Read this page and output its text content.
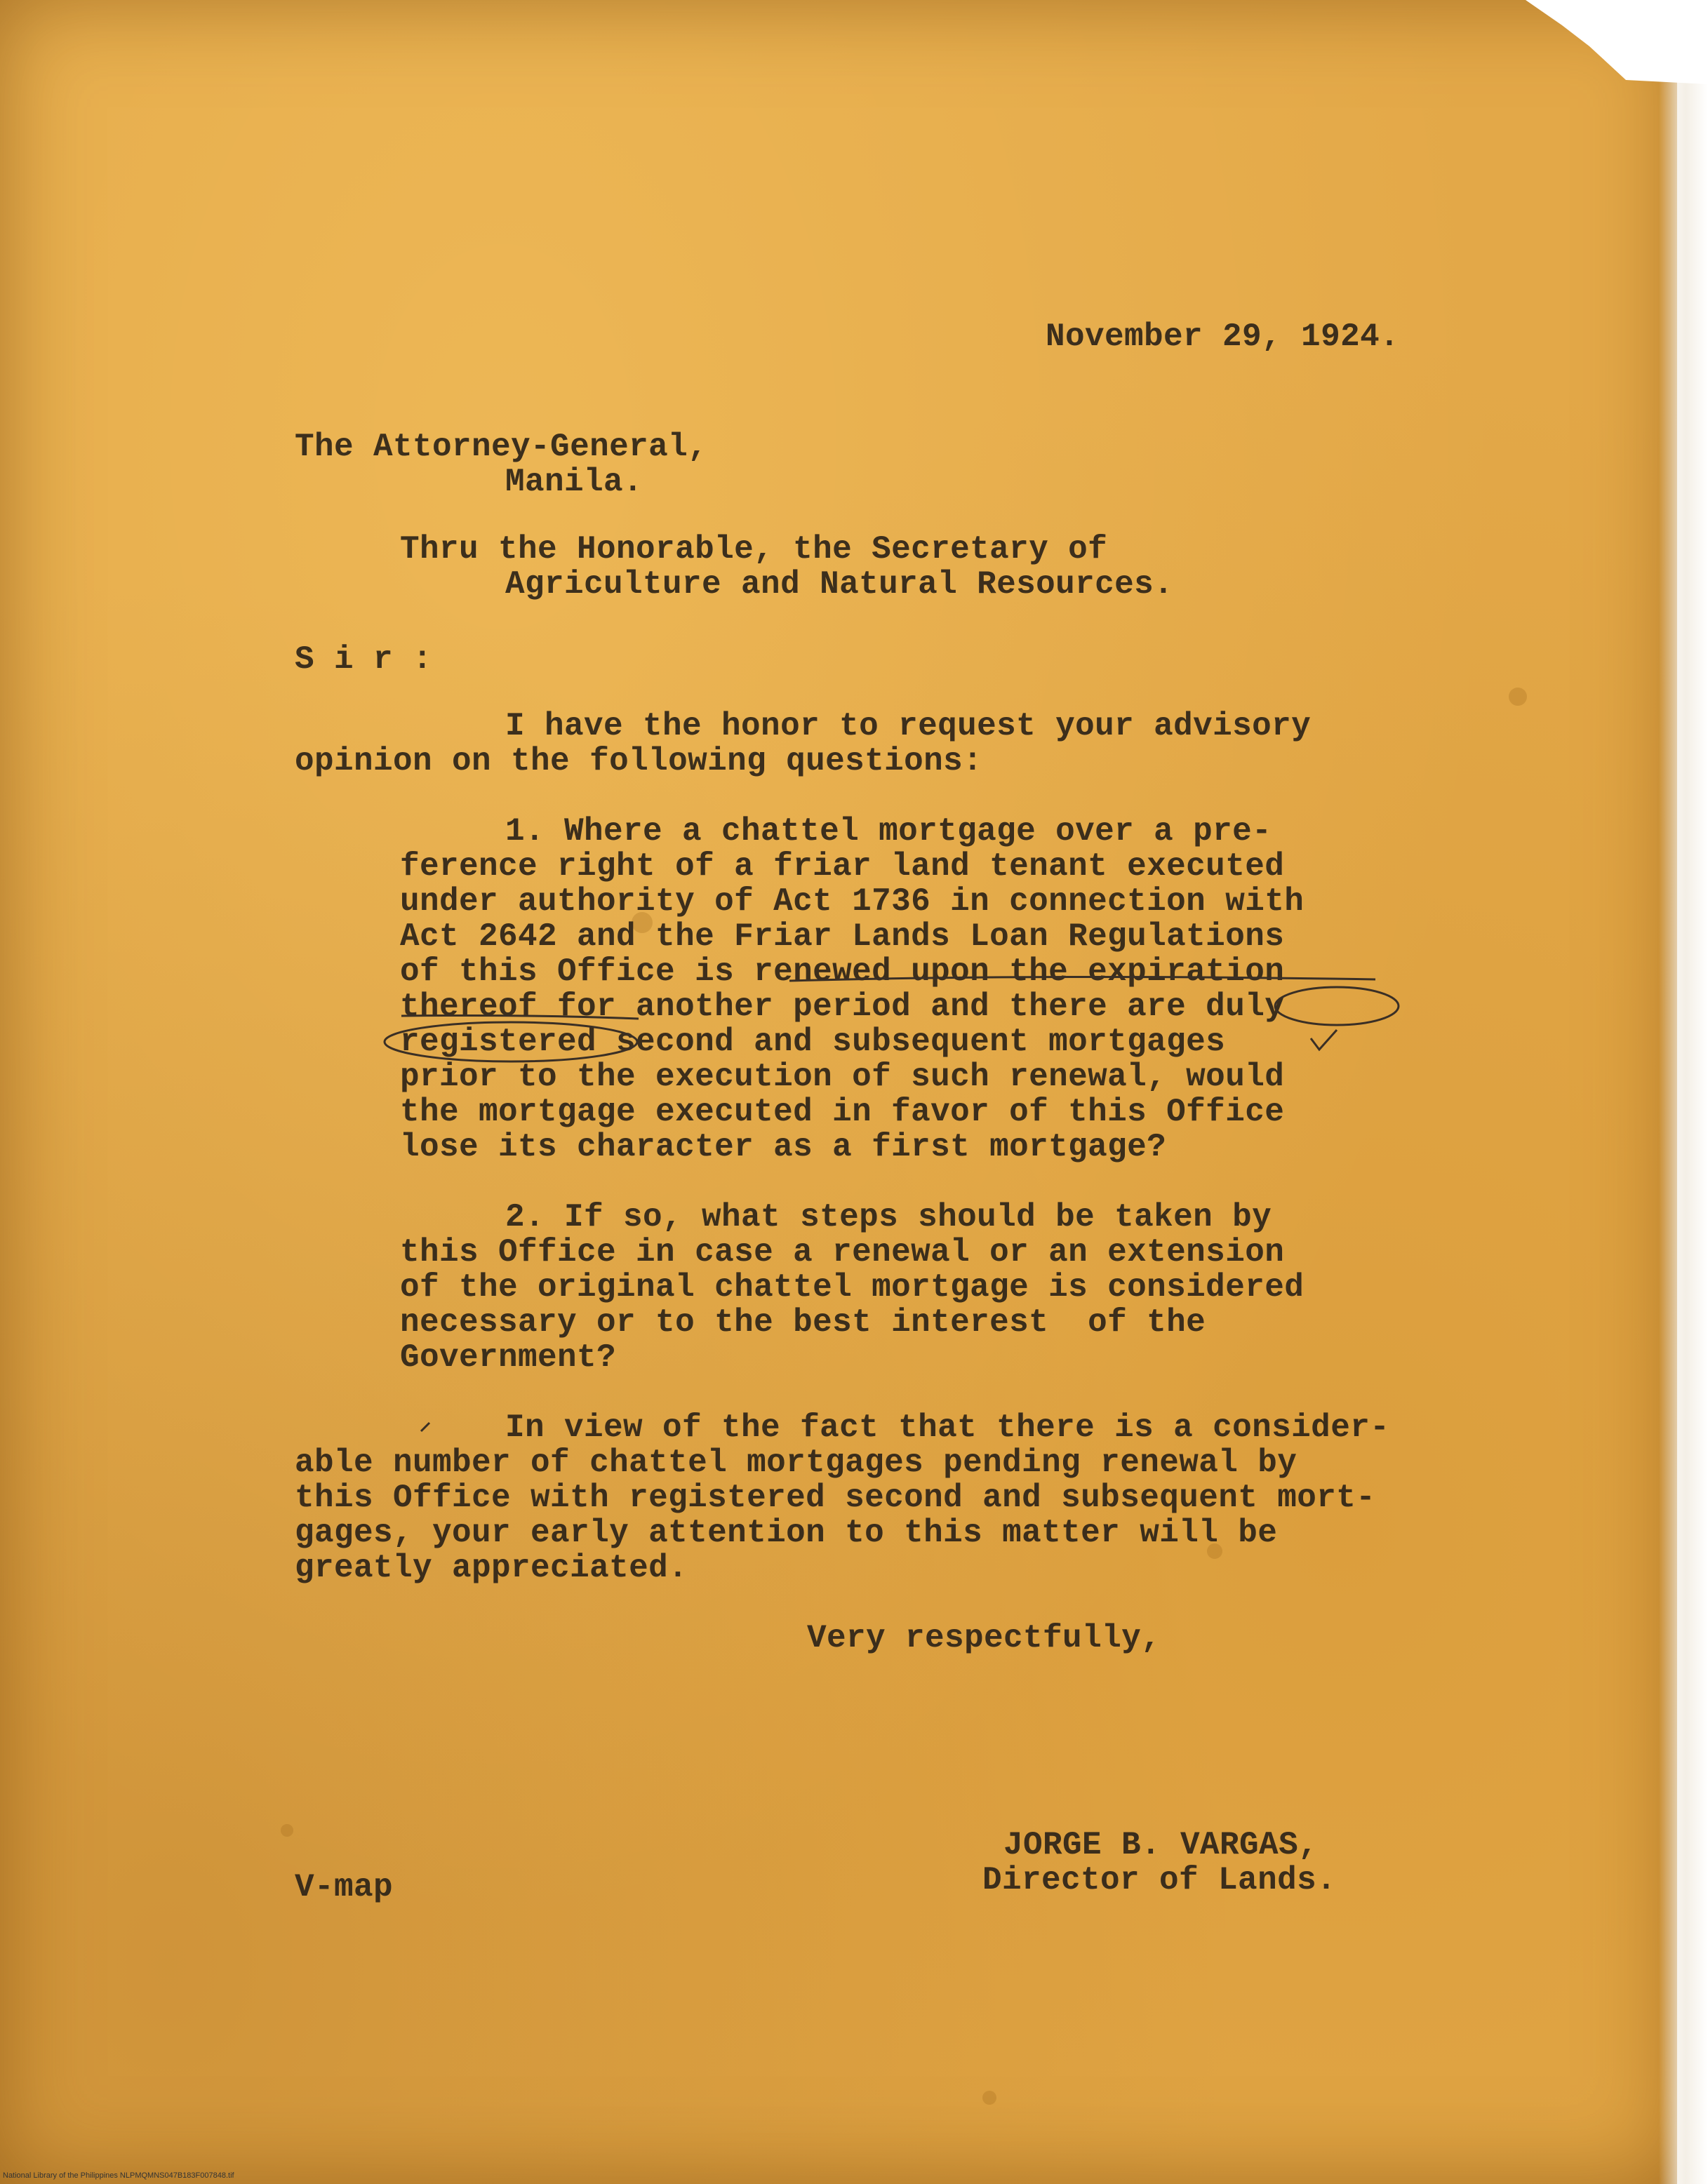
November 29, 1924.

The Attorney-General,

Manila.

Thru the Honorable, the Secretary of

Agriculture and Natural Resources.

S i r :

I have the honor to request your advisory

opinion on the following questions:

1. Where a chattel mortgage over a pre-

ference right of a friar land tenant executed

under authority of Act 1736 in connection with

Act 2642 and the Friar Lands Loan Regulations

of this Office is renewed upon the expiration

thereof for another period and there are duly

registered second and subsequent mortgages

prior to the execution of such renewal, would

the mortgage executed in favor of this Office

lose its character as a first mortgage?

2. If so, what steps should be taken by

this Office in case a renewal or an extension

of the original chattel mortgage is considered

necessary or to the best interest  of the

Government?

In view of the fact that there is a consider-

able number of chattel mortgages pending renewal by

this Office with registered second and subsequent mort-

gages, your early attention to this matter will be

greatly appreciated.

Very respectfully,

JORGE B. VARGAS,

Director of Lands.

V-map

National Library of the Philippines NLPMQMNS047B183F007848.tif
